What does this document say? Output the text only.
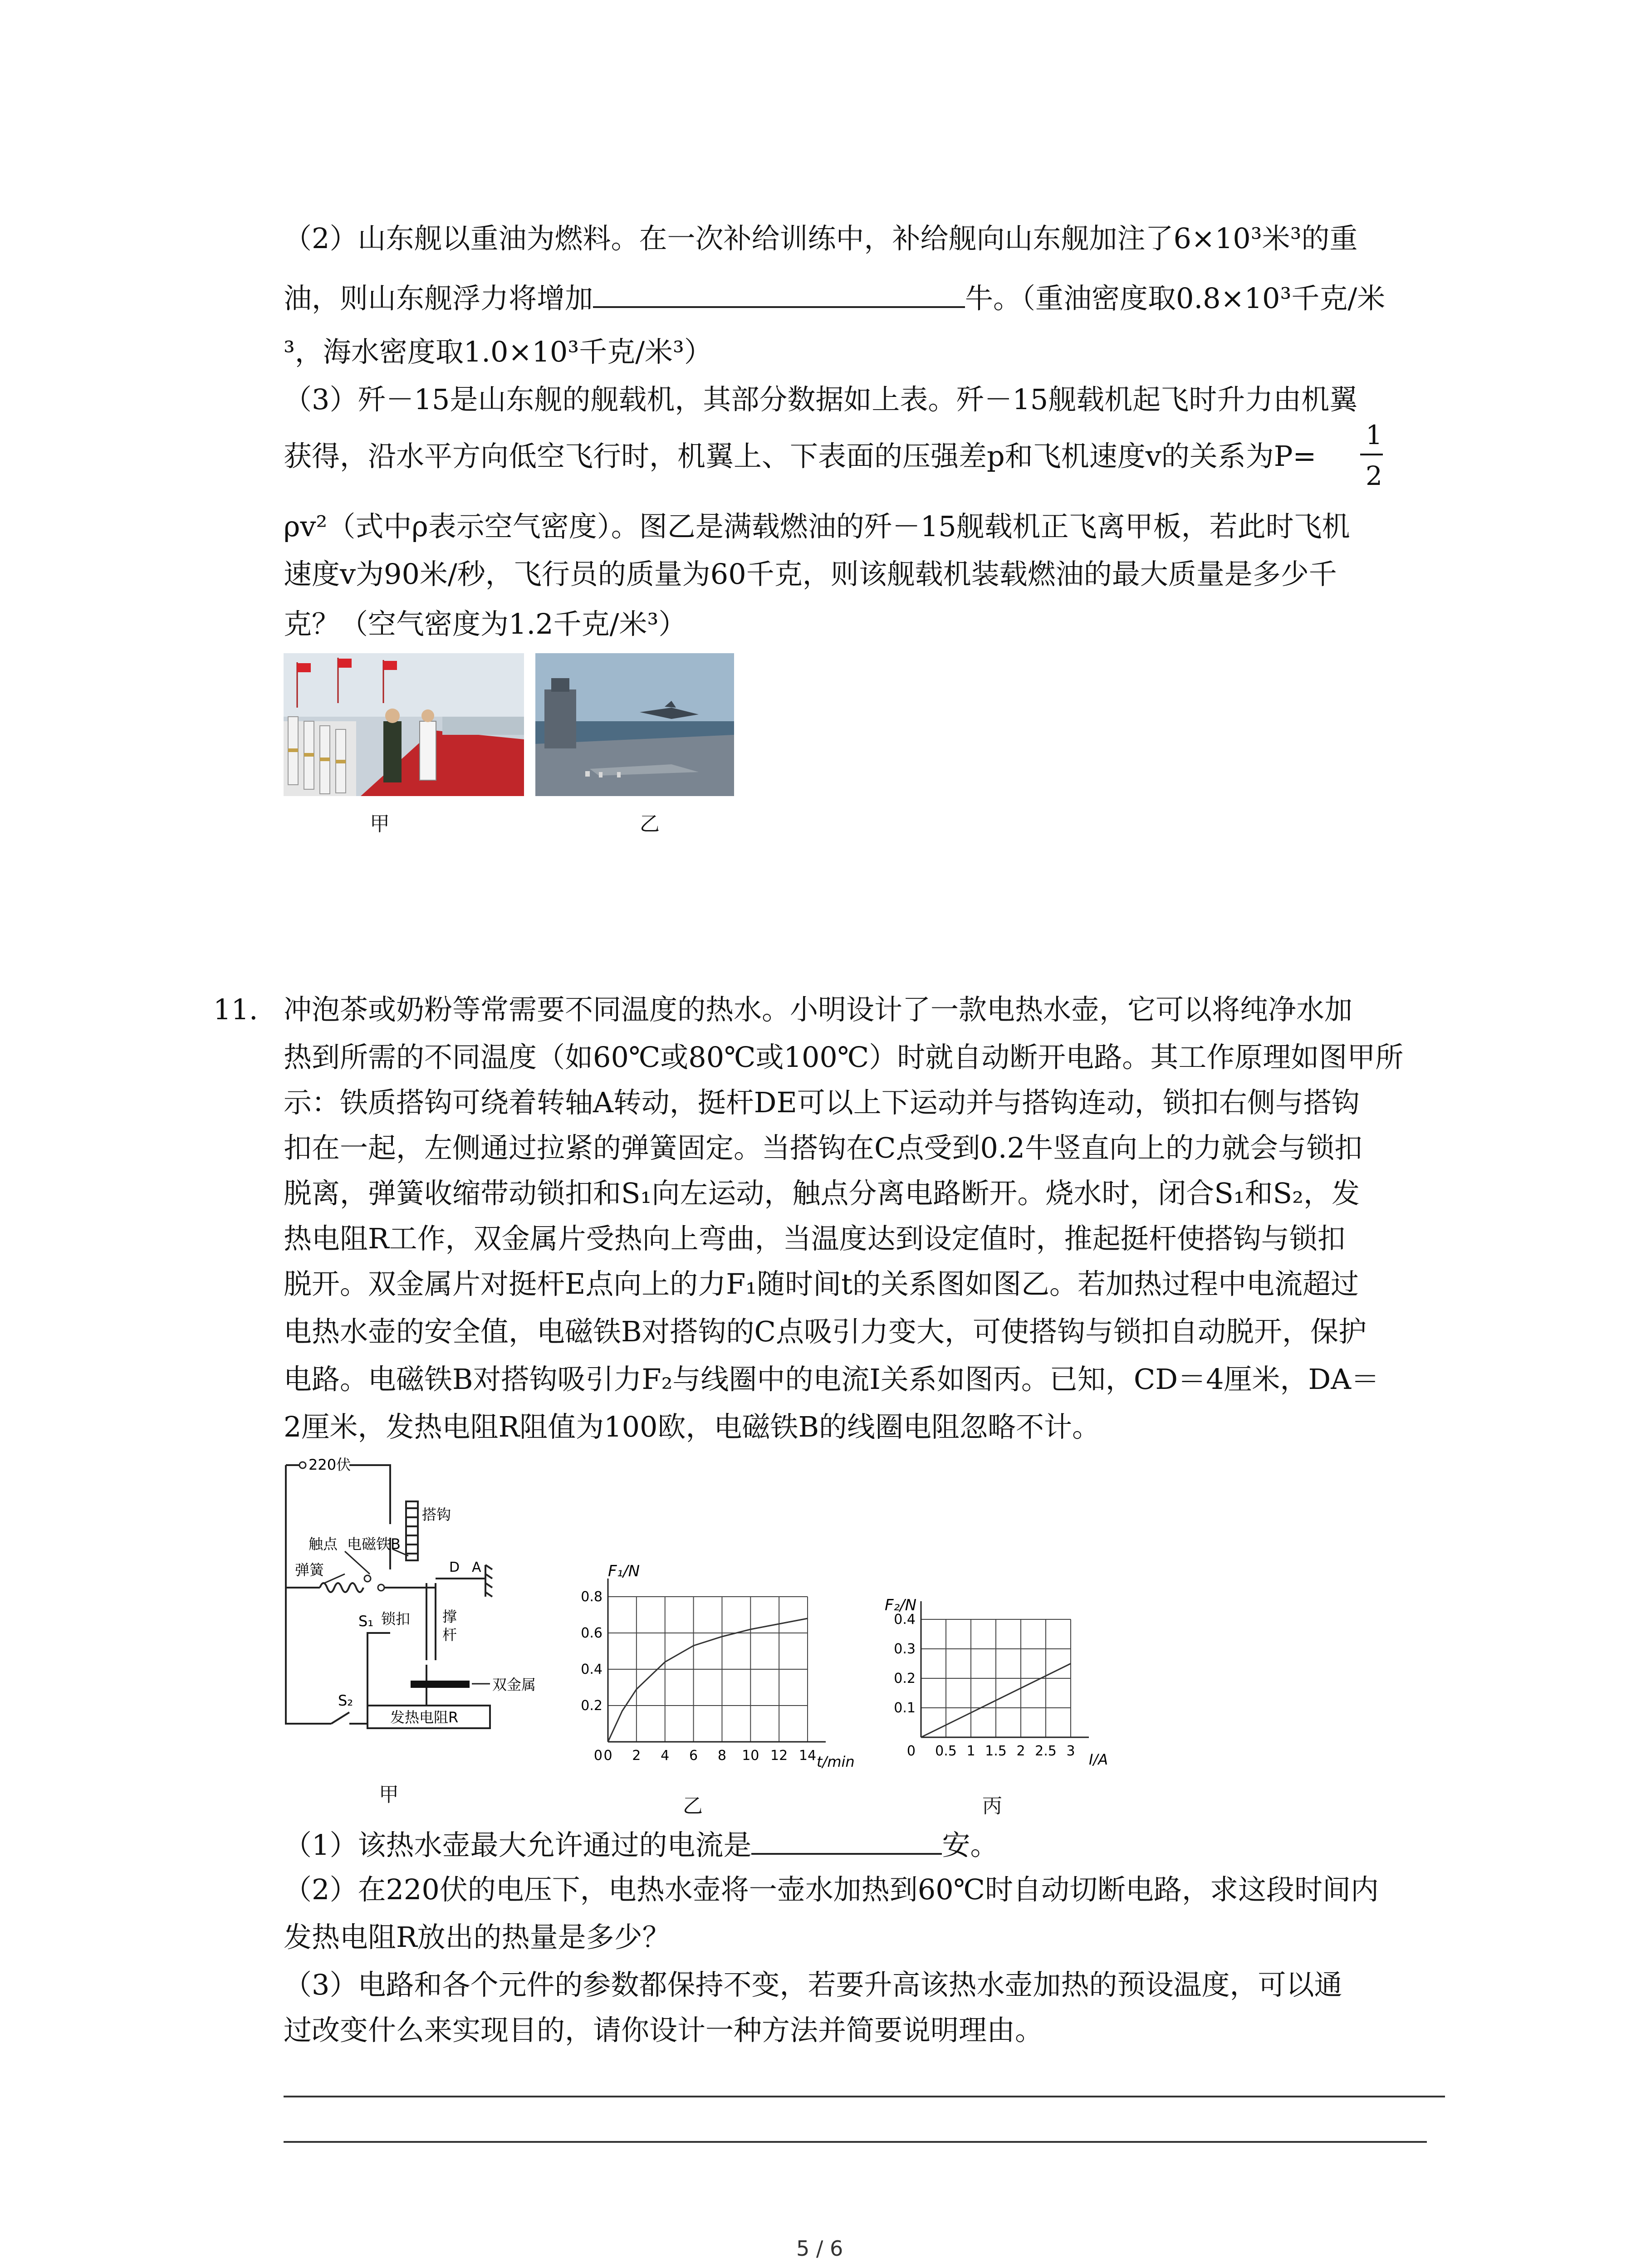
（2）山东舰以重油为燃料。在一次补给训练中，补给舰向山东舰加注了6×10³米³的重
油，则山东舰浮力将增加	牛。（重油密度取0.8×10³千克/米
³，海水密度取1.0×10³千克/米³）
（3）歼－15是山东舰的舰载机，其部分数据如上表。歼－15舰载机起飞时升力由机翼
获得，沿水平方向低空飞行时，机翼上、下表面的压强差p和飞机速度v的关系为P=
1
2
ρv²（式中ρ表示空气密度）。图乙是满载燃油的歼－15舰载机正飞离甲板，若此时飞机
速度v为90米/秒，飞行员的质量为60千克，则该舰载机装载燃油的最大质量是多少千
克？（空气密度为1.2千克/米³）
甲	乙
11. 冲泡茶或奶粉等常需要不同温度的热水。小明设计了一款电热水壶，它可以将纯净水加
热到所需的不同温度（如60℃或80℃或100℃）时就自动断开电路。其工作原理如图甲所
示：铁质搭钩可绕着转轴A转动，挺杆DE可以上下运动并与搭钩连动，锁扣右侧与搭钩
扣在一起，左侧通过拉紧的弹簧固定。当搭钩在C点受到0.2牛竖直向上的力就会与锁扣
脱离，弹簧收缩带动锁扣和S₁向左运动，触点分离电路断开。烧水时，闭合S₁和S₂，发
热电阻R工作，双金属片受热向上弯曲，当温度达到设定值时，推起挺杆使搭钩与锁扣
脱开。双金属片对挺杆E点向上的力F₁随时间t的关系图如图乙。若加热过程中电流超过
电热水壶的安全值，电磁铁B对搭钩的C点吸引力变大，可使搭钩与锁扣自动脱开，保护
电路。电磁铁B对搭钩吸引力F₂与线圈中的电流I关系如图丙。已知，CD＝4厘米，DA＝
2厘米，发热电阻R阻值为100欧，电磁铁B的线圈电阻忽略不计。
220伏
触点 电磁铁B
搭钩
D A
弹簧
S₁ 锁扣 撑
杆
双金属
发热电阻R
S₂
甲
0 2 4 6 8 10 12 14
0.2
0.4
0.6
0.8
0
F₁/N
t/min
乙
0.5 1 1.5 2 2.5 3
0.1
0.2
0.3
0.4
0
F₂/N
I/A
丙
（1）该热水壶最大允许通过的电流是	安。
（2）在220伏的电压下，电热水壶将一壶水加热到60℃时自动切断电路，求这段时间内
发热电阻R放出的热量是多少？
（3）电路和各个元件的参数都保持不变，若要升高该热水壶加热的预设温度，可以通
过改变什么来实现目的，请你设计一种方法并简要说明理由。
5 / 6
